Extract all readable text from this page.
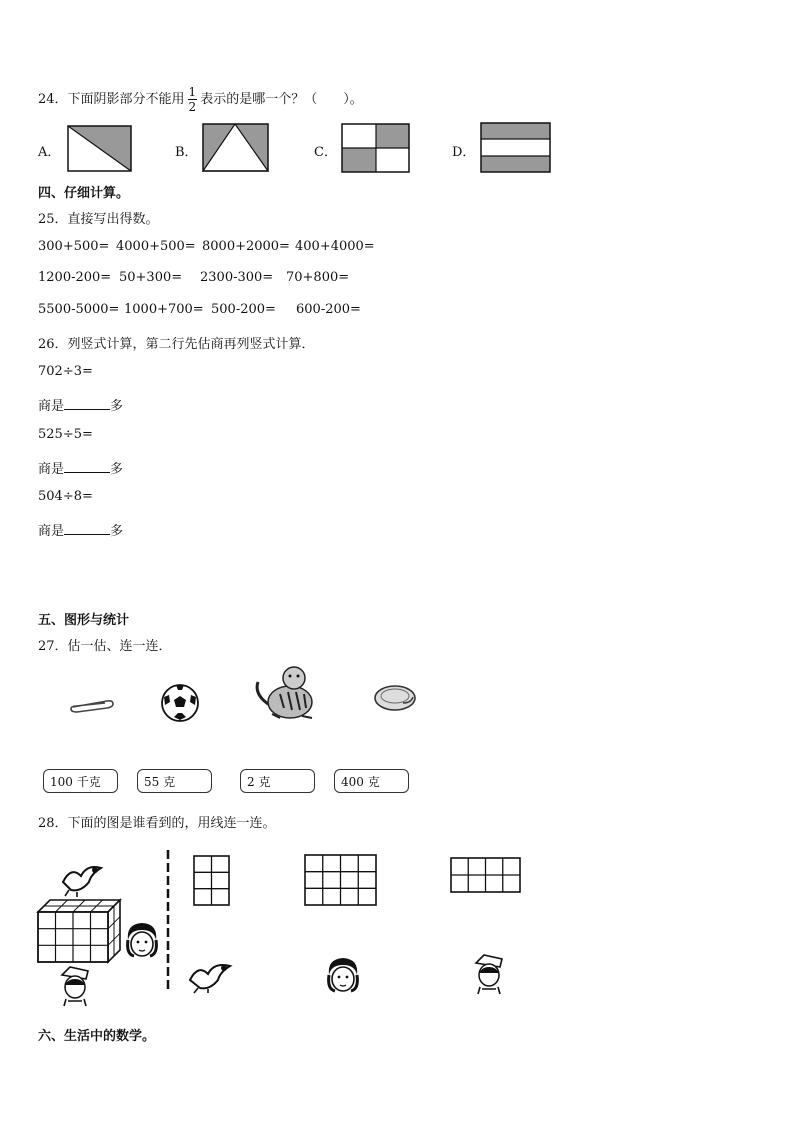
24．下面阴影部分不能用 $\frac{1}{2}$ 表示的是哪一个？（　　）。
A．	B．	C．	D．
四、仔细计算。
25．直接写出得数。
300+500= 4000+500= 8000+2000= 400+4000=
1200-200= 50+300= 2300-300= 70+800=
5500-5000= 1000+700= 500-200= 600-200=
26．列竖式计算，第二行先估商再列竖式计算．
702÷3=
商是	多
525÷5=
商是	多
504÷8=
商是	多
五、图形与统计
27．估一估、连一连．
100 千克	55 克	2 克	400 克
28．下面的图是谁看到的，用线连一连。
六、生活中的数学。
